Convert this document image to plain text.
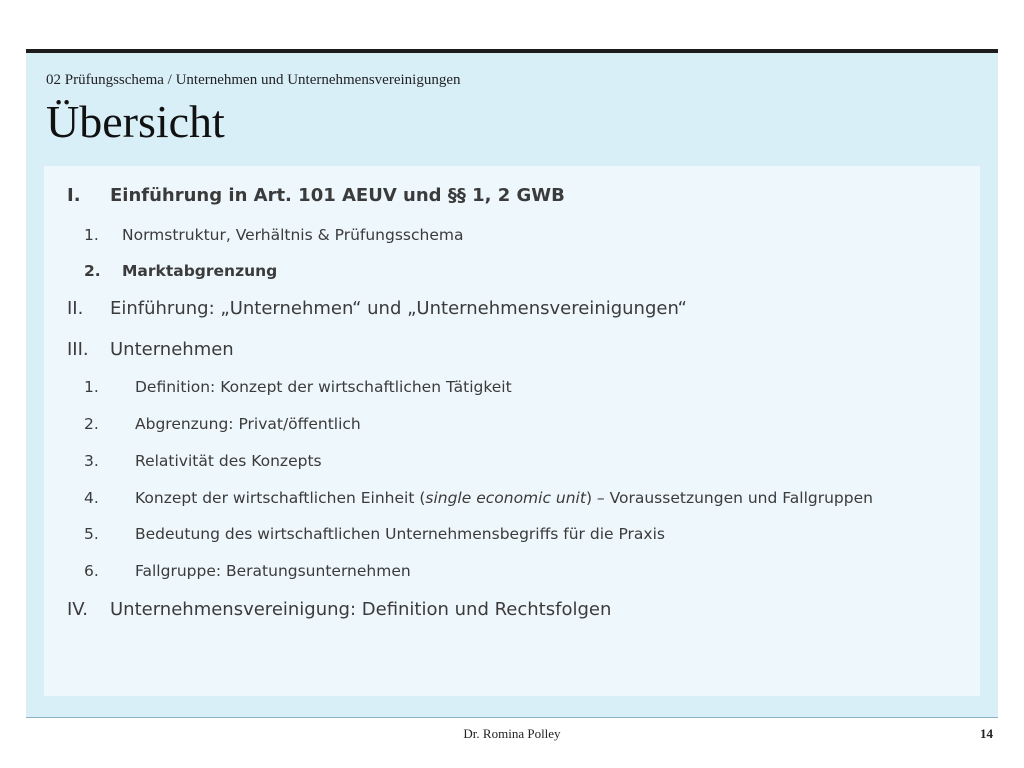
02 Prüfungsschema / Unternehmen und Unternehmensvereinigungen
Übersicht
I. Einführung in Art. 101 AEUV und §§ 1, 2 GWB
1. Normstruktur, Verhältnis & Prüfungsschema
2. Marktabgrenzung
II. Einführung: „Unternehmen“ und „Unternehmensvereinigungen“
III. Unternehmen
1. Definition: Konzept der wirtschaftlichen Tätigkeit
2. Abgrenzung: Privat/öffentlich
3. Relativität des Konzepts
4. Konzept der wirtschaftlichen Einheit (single economic unit) – Voraussetzungen und Fallgruppen
5. Bedeutung des wirtschaftlichen Unternehmensbegriffs für die Praxis
6. Fallgruppe: Beratungsunternehmen
IV. Unternehmensvereinigung: Definition und Rechtsfolgen
Dr. Romina Polley	14
